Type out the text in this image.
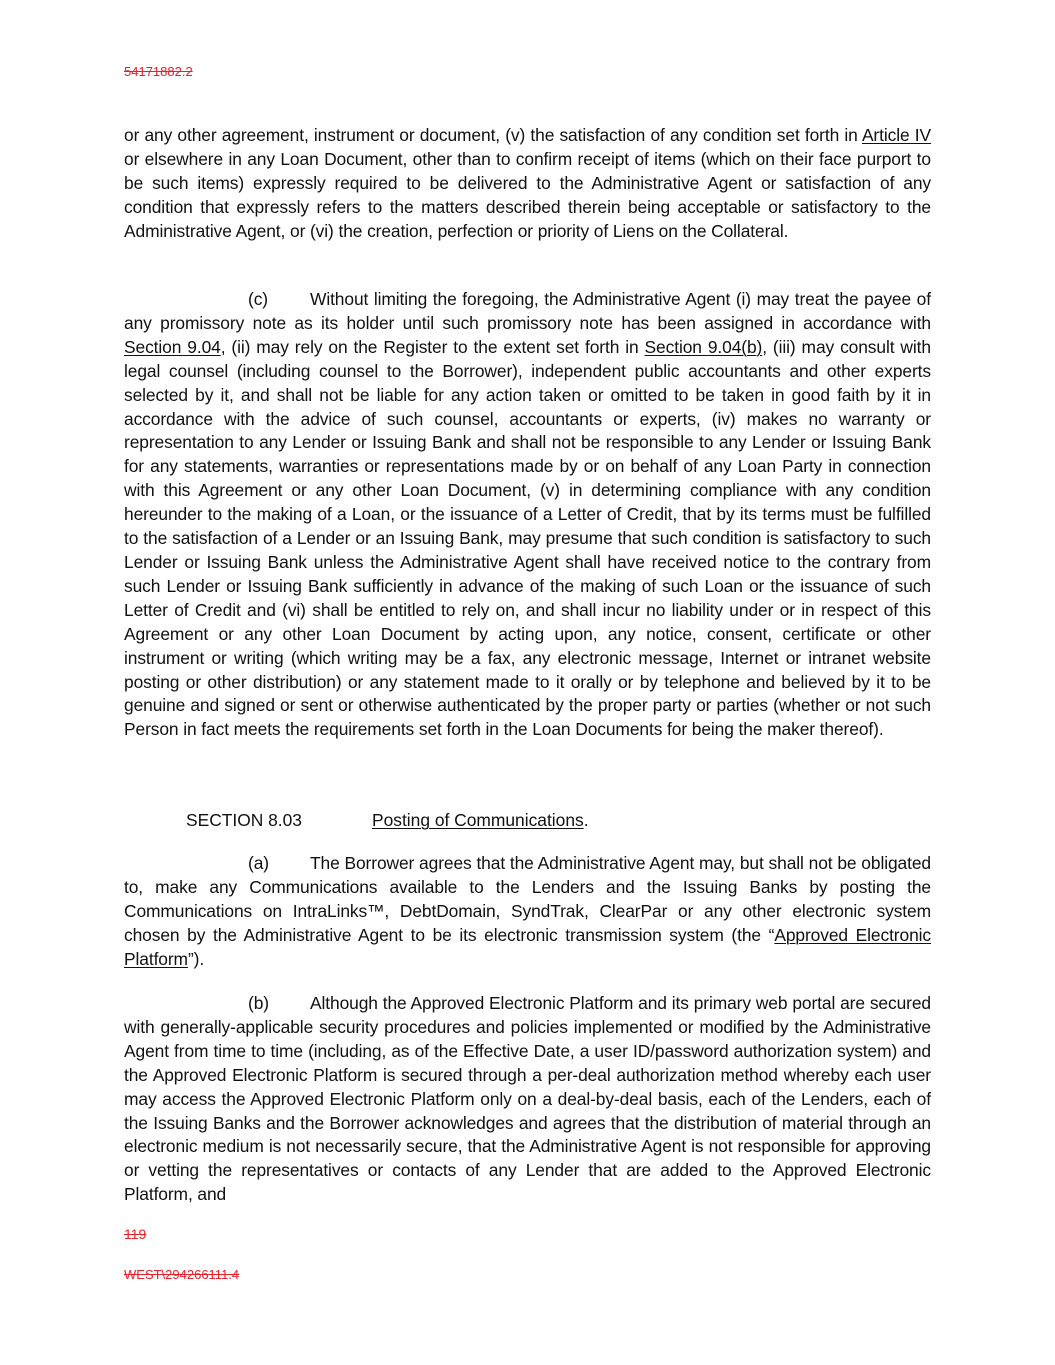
54171882.2

or any other agreement, instrument or document, (v) the satisfaction of any condition set forth in Article IV or elsewhere in any Loan Document, other than to confirm receipt of items (which on their face purport to be such items) expressly required to be delivered to the Administrative Agent or satisfaction of any condition that expressly refers to the matters described therein being acceptable or satisfactory to the Administrative Agent, or (vi) the creation, perfection or priority of Liens on the Collateral.

(c) Without limiting the foregoing, the Administrative Agent (i) may treat the payee of any promissory note as its holder until such promissory note has been assigned in accordance with Section 9.04, (ii) may rely on the Register to the extent set forth in Section 9.04(b), (iii) may consult with legal counsel (including counsel to the Borrower), independent public accountants and other experts selected by it, and shall not be liable for any action taken or omitted to be taken in good faith by it in accordance with the advice of such counsel, accountants or experts, (iv) makes no warranty or representation to any Lender or Issuing Bank and shall not be responsible to any Lender or Issuing Bank for any statements, warranties or representations made by or on behalf of any Loan Party in connection with this Agreement or any other Loan Document, (v) in determining compliance with any condition hereunder to the making of a Loan, or the issuance of a Letter of Credit, that by its terms must be fulfilled to the satisfaction of a Lender or an Issuing Bank, may presume that such condition is satisfactory to such Lender or Issuing Bank unless the Administrative Agent shall have received notice to the contrary from such Lender or Issuing Bank sufficiently in advance of the making of such Loan or the issuance of such Letter of Credit and (vi) shall be entitled to rely on, and shall incur no liability under or in respect of this Agreement or any other Loan Document by acting upon, any notice, consent, certificate or other instrument or writing (which writing may be a fax, any electronic message, Internet or intranet website posting or other distribution) or any statement made to it orally or by telephone and believed by it to be genuine and signed or sent or otherwise authenticated by the proper party or parties (whether or not such Person in fact meets the requirements set forth in the Loan Documents for being the maker thereof).

SECTION 8.03	Posting of Communications.

(a) The Borrower agrees that the Administrative Agent may, but shall not be obligated to, make any Communications available to the Lenders and the Issuing Banks by posting the Communications on IntraLinks™, DebtDomain, SyndTrak, ClearPar or any other electronic system chosen by the Administrative Agent to be its electronic transmission system (the “Approved Electronic Platform”).

(b) Although the Approved Electronic Platform and its primary web portal are secured with generally-applicable security procedures and policies implemented or modified by the Administrative Agent from time to time (including, as of the Effective Date, a user ID/password authorization system) and the Approved Electronic Platform is secured through a per-deal authorization method whereby each user may access the Approved Electronic Platform only on a deal-by-deal basis, each of the Lenders, each of the Issuing Banks and the Borrower acknowledges and agrees that the distribution of material through an electronic medium is not necessarily secure, that the Administrative Agent is not responsible for approving or vetting the representatives or contacts of any Lender that are added to the Approved Electronic Platform, and

119
WEST\294266111.4
